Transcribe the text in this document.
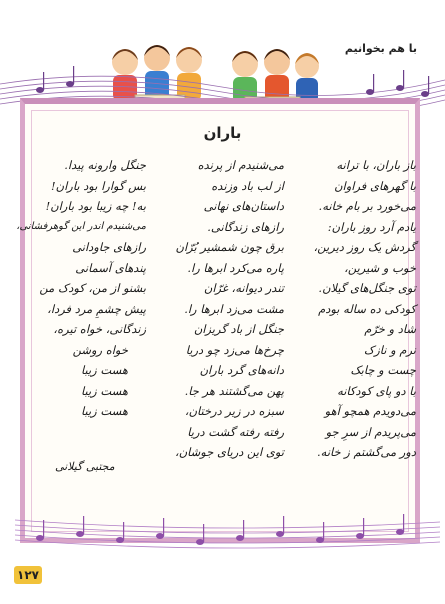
با هم بخوانیم
باران
باز باران، با ترانه
با گهرهای فراوان
می‌خورد بر بام خانه.
یادم آرد روز باران:
گردش یک روز دیرین،
خوب و شیرین،
توی جنگل‌های گیلان.
کودکی ده ساله بودم
شاد و خرّم
نرم و نازک
چست و چابک
با دو پای کودکانه
می‌دویدم همچو آهو
می‌پریدم از سرِ جو
دور می‌گشتم ز خانه.
می‌شنیدم از پرنده
از لب باد وزنده
داستان‌های نهانی
رازهای زندگانی.
برق چون شمشیر بُرّان
پاره می‌کرد ابرها را.
تندر دیوانه، غرّان
مشت می‌زد ابرها را.
جنگل از باد گریزان
چرخ‌ها می‌زد چو دریا
دانه‌های گرد باران
پهن می‌گشتند هر جا.
سبزه در زیر درختان،
رفته رفته گشت دریا
توی این دریای جوشان،
جنگل وارونه پیدا.
بس گوارا بود باران!
به! چه زیبا بود باران!
می‌شنیدم اندر این گوهرفشانی،
رازهای جاودانی
پندهای آسمانی
بشنو از من، کودک من
پیش چشمِ مرد فردا،
زندگانی، خواه تیره،
خواه روشن
هست زیبا
هست زیبا
هست زیبا
مجتبی گیلانی
۱۲۷
